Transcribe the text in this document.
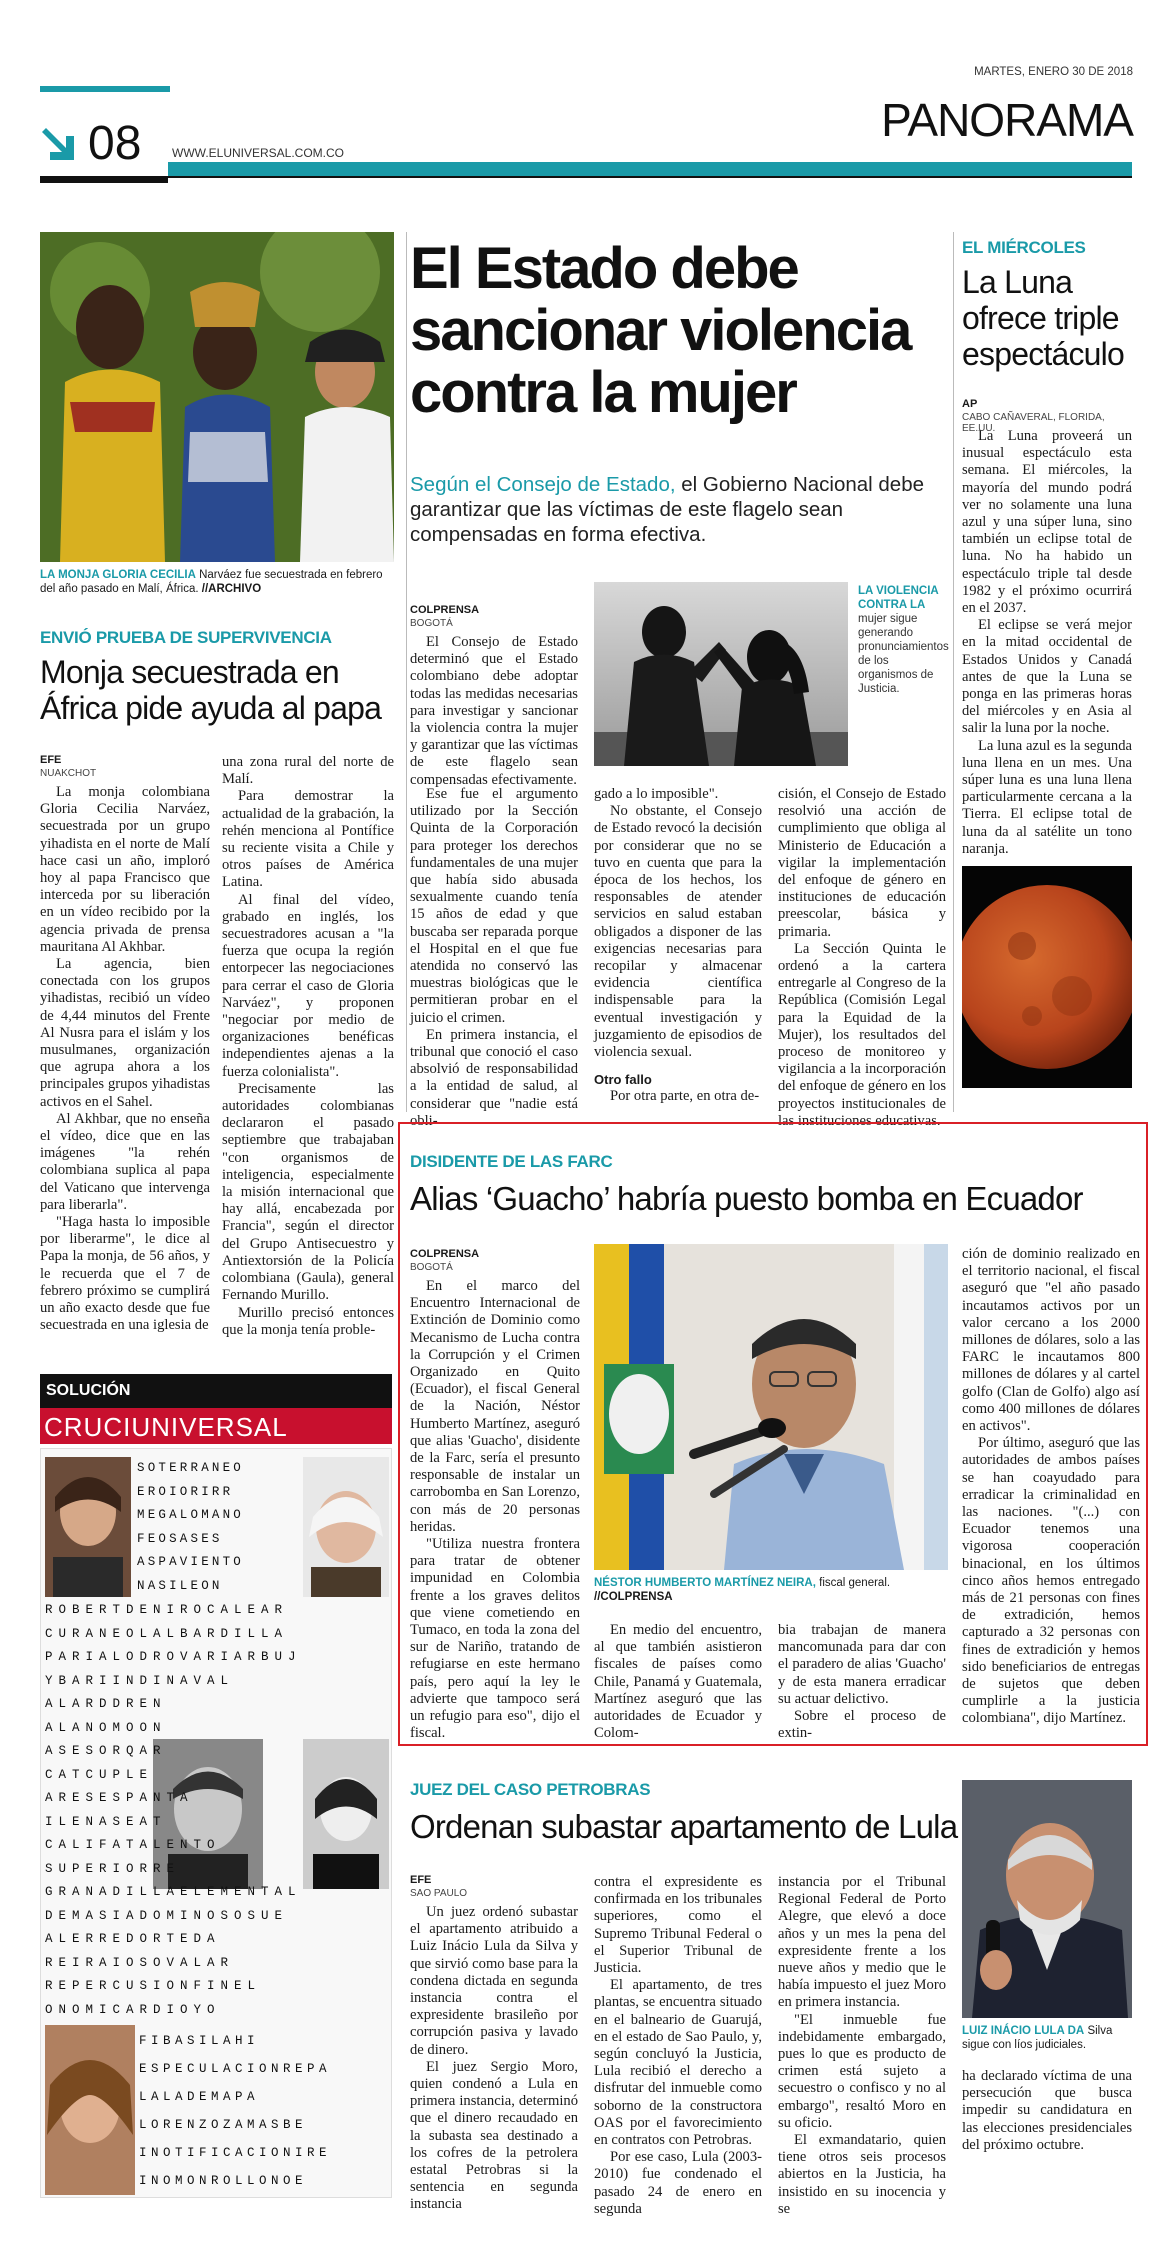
MARTES, ENERO 30 DE 2018
PANORAMA
08	WWW.ELUNIVERSAL.COM.CO
LA MONJA GLORIA CECILIA Narváez fue secuestrada en febrero del año pasado en Malí, África. //ARCHIVO
ENVIÓ PRUEBA DE SUPERVIVENCIA
Monja secuestrada en África pide ayuda al papa
EFE
NUAKCHOT

La monja colombiana Gloria Cecilia Narváez, secuestrada por un grupo yihadista en el norte de Malí hace casi un año, imploró hoy al papa Francisco que interceda por su liberación en un vídeo recibido por la agencia privada de prensa mauritana Al Akhbar.

La agencia, bien conectada con los grupos yihadistas, recibió un vídeo de 4,44 minutos del Frente Al Nusra para el islám y los musulmanes, organización que agrupa ahora a los principales grupos yihadistas activos en el Sahel.

Al Akhbar, que no enseña el vídeo, dice que en las imágenes "la rehén colombiana suplica al papa del Vaticano que intervenga para liberarla".

"Haga hasta lo imposible por liberarme", le dice al Papa la monja, de 56 años, y le recuerda que el 7 de febrero próximo se cumplirá un año exacto desde que fue secuestrada en una iglesia de

una zona rural del norte de Malí.

Para demostrar la actualidad de la grabación, la rehén menciona al Pontífice su reciente visita a Chile y otros países de América Latina.

Al final del vídeo, grabado en inglés, los secuestradores acusan a "la fuerza que ocupa la región entorpecer las negociaciones para cerrar el caso de Gloria Narváez", y proponen "negociar por medio de organizaciones benéficas independientes ajenas a la fuerza colonialista".

Precisamente las autoridades colombianas declararon el pasado septiembre que trabajaban "con organismos de inteligencia, especialmente la misión internacional que hay allá, encabezada por Francia", según el director del Grupo Antisecuestro y Antiextorsión de la Policía colombiana (Gaula), general Fernando Murillo.

Murillo precisó entonces que la monja tenía proble-

SOLUCIÓN
CRUCIUNIVERSAL
SOTERRANEO
EROIORIRR
MEGALOMANO
FEOSASES
ASPAVIENTO
NASILEON
ROBERTDENIROCALEAR
CURANEOLALBARDILLA
PARIALODROVARIARBUJ
YBARIINDINAVAL
ALARDDREN
ALANOMOON
ASESORQAR
CATCUPLE
ARESESPANTA
ILENASEAT
CALIFATALENTO
SUPERIORRE
GRANADILLAELEMENTAL
DEMASIADOMINOSOSUE
ALERREDORTEDA
REIRAIOSOVALAR
REPERCUSIONFINEL
ONOMICARDIOYO
FIBASILAHI
ESPECULACIONREPA
LALADEMAPA
LORENZOZAMASBE
INOTIFICACIONIRE
INOMONROLLONOE
El Estado debe sancionar violencia contra la mujer
Según el Consejo de Estado, el Gobierno Nacional debe garantizar que las víctimas de este flagelo sean compensadas en forma efectiva.
COLPRENSA
BOGOTÁ

El Consejo de Estado determinó que el Estado colombiano debe adoptar todas las medidas necesarias para investigar y sancionar la violencia contra la mujer y garantizar que las víctimas de este flagelo sean compensadas efectivamente.

LA VIOLENCIA CONTRA LA mujer sigue generando pronunciamientos de los organismos de Justicia.

Ese fue el argumento utilizado por la Sección Quinta de la Corporación para proteger los derechos fundamentales de una mujer que había sido abusada sexualmente cuando tenía 15 años de edad y que buscaba ser reparada porque el Hospital en el que fue atendida no conservó las muestras biológicas que le permitieran probar en el juicio el crimen.

En primera instancia, el tribunal que conoció el caso absolvió de responsabilidad a la entidad de salud, al considerar que "nadie está obli-

gado a lo imposible".

No obstante, el Consejo de Estado revocó la decisión por considerar que no se tuvo en cuenta que para la época de los hechos, los responsables de atender servicios en salud estaban obligados a disponer de las exigencias necesarias para recopilar y almacenar evidencia científica indispensable para la eventual investigación y juzgamiento de episodios de violencia sexual.

Otro fallo

Por otra parte, en otra de-

cisión, el Consejo de Estado resolvió una acción de cumplimiento que obliga al Ministerio de Educación a vigilar la implementación del enfoque de género en instituciones de educación preescolar, básica y primaria.

La Sección Quinta le ordenó a la cartera entregarle al Congreso de la República (Comisión Legal para la Equidad de la Mujer), los resultados del proceso de monitoreo y vigilancia a la incorporación del enfoque de género en los proyectos institucionales de las instituciones educativas.

EL MIÉRCOLES
La Luna ofrece triple espectáculo
AP
CABO CAÑAVERAL, FLORIDA, EE.UU.

La Luna proveerá un inusual espectáculo esta semana. El miércoles, la mayoría del mundo podrá ver no solamente una luna azul y una súper luna, sino también un eclipse total de luna. No ha habido un espectáculo triple tal desde 1982 y el próximo ocurrirá en el 2037.

El eclipse se verá mejor en la mitad occidental de Estados Unidos y Canadá antes de que la Luna se ponga en las primeras horas del miércoles y en Asia al salir la luna por la noche.

La luna azul es la segunda luna llena en un mes. Una súper luna es una luna llena particularmente cercana a la Tierra. El eclipse total de luna da al satélite un tono naranja.

DISIDENTE DE LAS FARC
Alias ‘Guacho’ habría puesto bomba en Ecuador
COLPRENSA
BOGOTÁ

En el marco del Encuentro Internacional de Extinción de Dominio como Mecanismo de Lucha contra la Corrupción y el Crimen Organizado en Quito (Ecuador), el fiscal General de la Nación, Néstor Humberto Martínez, aseguró que alias 'Guacho', disidente de la Farc, sería el presunto responsable de instalar un carrobomba en San Lorenzo, con más de 20 personas heridas.

"Utiliza nuestra frontera para tratar de obtener impunidad en Colombia frente a los graves delitos que viene cometiendo en Tumaco, en toda la zona del sur de Nariño, tratando de refugiarse en este hermano país, pero aquí la ley le advierte que tampoco será un refugio para eso", dijo el fiscal.

NÉSTOR HUMBERTO MARTÍNEZ NEIRA, fiscal general. //COLPRENSA

En medio del encuentro, al que también asistieron fiscales de países como Chile, Panamá y Guatemala, Martínez aseguró que las autoridades de Ecuador y Colom-

bia trabajan de manera mancomunada para dar con el paradero de alias 'Guacho' y de esta manera erradicar su actuar delictivo.

Sobre el proceso de extin-

ción de dominio realizado en el territorio nacional, el fiscal aseguró que "el año pasado incautamos activos por un valor cercano a los 2000 millones de dólares, solo a las FARC le incautamos 800 millones de dólares y al cartel golfo (Clan de Golfo) algo así como 400 millones de dólares en activos".

Por último, aseguró que las autoridades de ambos países se han coayudado para erradicar la criminalidad en las naciones. "(...) con Ecuador tenemos una vigorosa cooperación binacional, en los últimos cinco años hemos entregado más de 21 personas con fines de extradición, hemos capturado a 32 personas con fines de extradición y hemos sido beneficiarios de entregas de sujetos que deben cumplirle a la justicia colombiana", dijo Martínez.

JUEZ DEL CASO PETROBRAS
Ordenan subastar apartamento de Lula
EFE
SAO PAULO

Un juez ordenó subastar el apartamento atribuido a Luiz Inácio Lula da Silva y que sirvió como base para la condena dictada en segunda instancia contra el expresidente brasileño por corrupción pasiva y lavado de dinero.

El juez Sergio Moro, quien condenó a Lula en primera instancia, determinó que el dinero recaudado en la subasta sea destinado a los cofres de la petrolera estatal Petrobras si la sentencia en segunda instancia

contra el expresidente es confirmada en los tribunales superiores, como el Supremo Tribunal Federal o el Superior Tribunal de Justicia.

El apartamento, de tres plantas, se encuentra situado en el balneario de Guarujá, en el estado de Sao Paulo, y, según concluyó la Justicia, Lula recibió el derecho a disfrutar del inmueble como soborno de la constructora OAS por el favorecimiento en contratos con Petrobras.

Por ese caso, Lula (2003-2010) fue condenado el pasado 24 de enero en segunda

instancia por el Tribunal Regional Federal de Porto Alegre, que elevó a doce años y un mes la pena del expresidente frente a los nueve años y medio que le había impuesto el juez Moro en primera instancia.

"El inmueble fue indebidamente embargado, pues lo que es producto de crimen está sujeto a secuestro o confisco y no al embargo", resaltó Moro en su oficio.

El exmandatario, quien tiene otros seis procesos abiertos en la Justicia, ha insistido en su inocencia y se

LUIZ INÁCIO LULA DA Silva sigue con líos judiciales.

ha declarado víctima de una persecución que busca impedir su candidatura en las elecciones presidenciales del próximo octubre.
